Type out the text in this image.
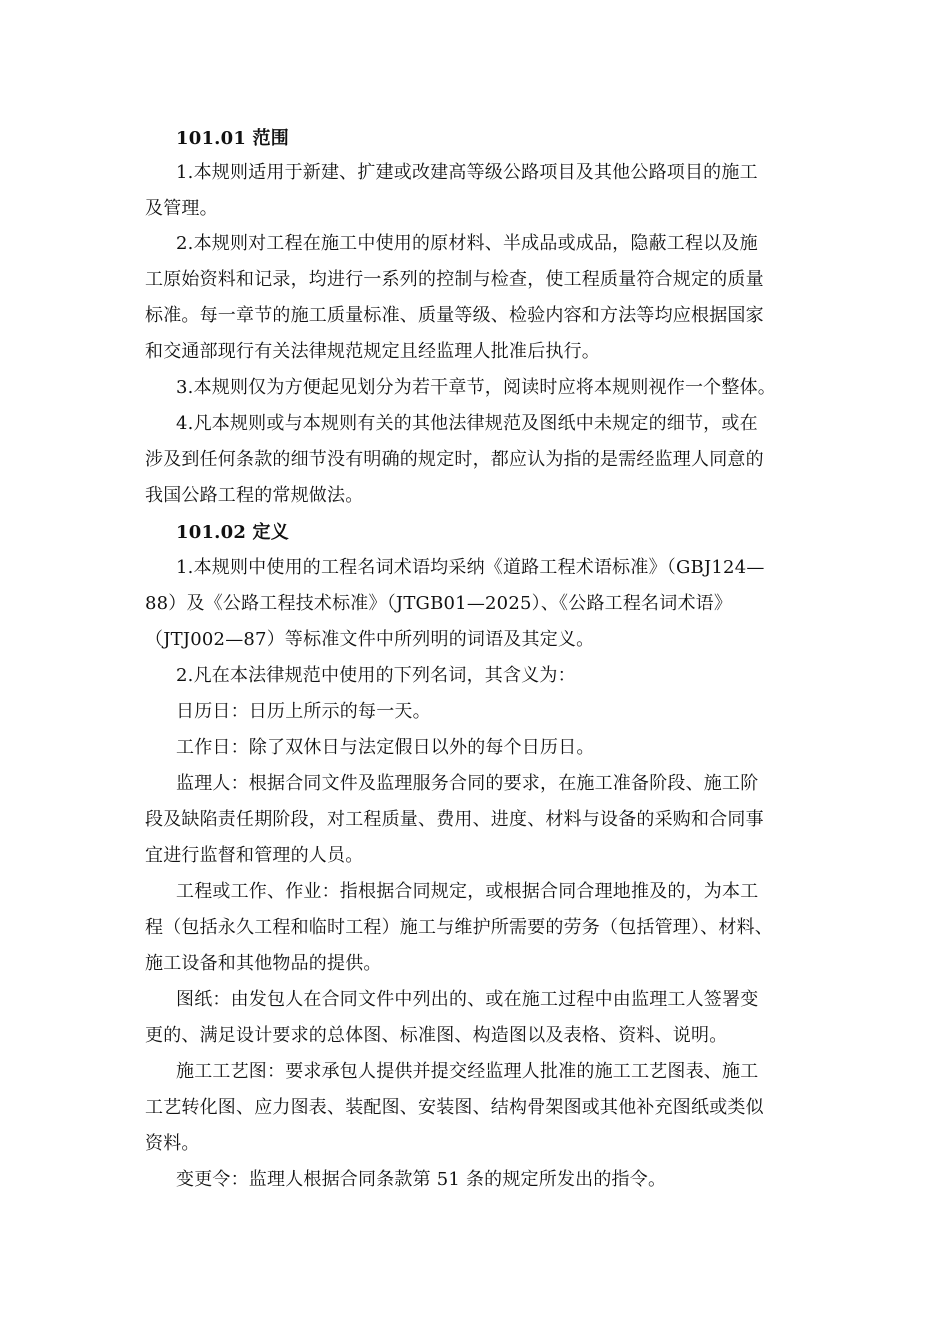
101.01 范围
1.本规则适用于新建、扩建或改建高等级公路项目及其他公路项目的施工
及管理。
2.本规则对工程在施工中使用的原材料、半成品或成品，隐蔽工程以及施
工原始资料和记录，均进行一系列的控制与检查，使工程质量符合规定的质量
标准。每一章节的施工质量标准、质量等级、检验内容和方法等均应根据国家
和交通部现行有关法律规范规定且经监理人批准后执行。
3.本规则仅为方便起见划分为若干章节，阅读时应将本规则视作一个整体。
4.凡本规则或与本规则有关的其他法律规范及图纸中未规定的细节，或在
涉及到任何条款的细节没有明确的规定时，都应认为指的是需经监理人同意的
我国公路工程的常规做法。
101.02 定义
1.本规则中使用的工程名词术语均采纳《道路工程术语标准》（GBJ124—
88）及《公路工程技术标准》（JTGB01—2025）、《公路工程名词术语》
（JTJ002—87）等标准文件中所列明的词语及其定义。
2.凡在本法律规范中使用的下列名词，其含义为：
日历日：日历上所示的每一天。
工作日：除了双休日与法定假日以外的每个日历日。
监理人：根据合同文件及监理服务合同的要求，在施工准备阶段、施工阶
段及缺陷责任期阶段，对工程质量、费用、进度、材料与设备的采购和合同事
宜进行监督和管理的人员。
工程或工作、作业：指根据合同规定，或根据合同合理地推及的，为本工
程（包括永久工程和临时工程）施工与维护所需要的劳务（包括管理）、材料、
施工设备和其他物品的提供。
图纸：由发包人在合同文件中列出的、或在施工过程中由监理工人签署变
更的、满足设计要求的总体图、标准图、构造图以及表格、资料、说明。
施工工艺图：要求承包人提供并提交经监理人批准的施工工艺图表、施工
工艺转化图、应力图表、装配图、安装图、结构骨架图或其他补充图纸或类似
资料。
变更令：监理人根据合同条款第 51 条的规定所发出的指令。
